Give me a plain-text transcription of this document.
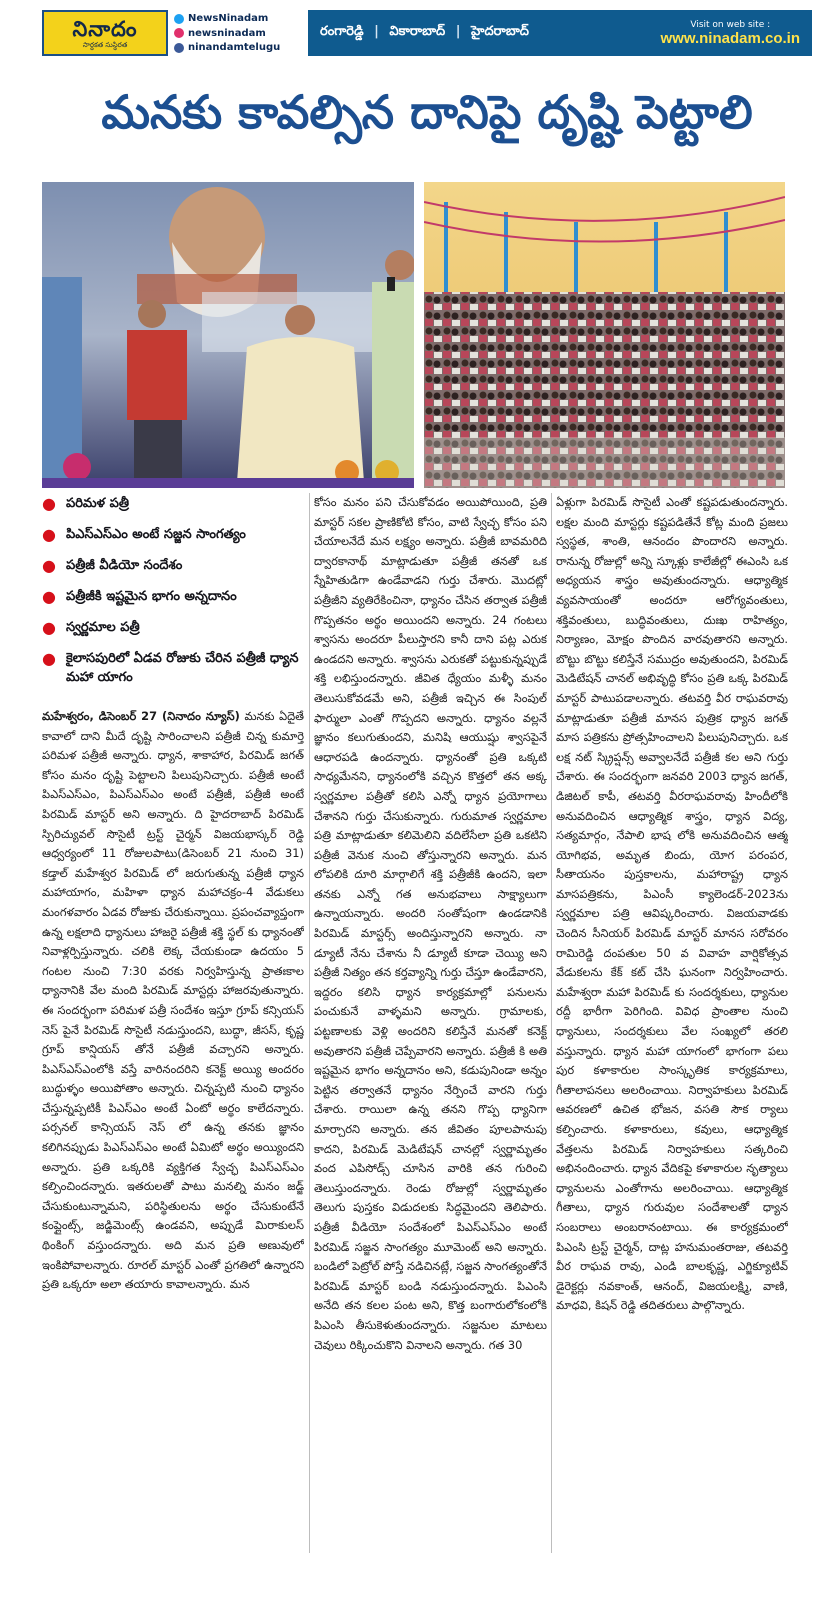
నినాదం
సార్థకత సుస్థిరత
NewsNinadam
newsninadam
ninandamtelugu
రంగారెడ్డి | వికారాబాద్ | హైదరాబాద్	Visit on web site :
www.ninadam.co.in
మనకు కావల్సిన దానిపై దృష్టి పెట్టాలి
● పరిమళ పత్రీ
● పిఎస్ఎస్ఎం అంటే సజ్జన సాంగత్యం
● పత్రీజీ వీడియో సందేశం
● పత్రీజీకి ఇష్టమైన భాగం అన్నదానం
● స్వర్ణమాల పత్రీ
● కైలాసపురిలో ఏడవ రోజుకు చేరిన పత్రీజీ ధ్యాన మహా యాగం
మహేశ్వరం, డిసెంబర్ 27 (నినాదం న్యూస్) మనకు ఏదైతే కావాలో దాని మీదే దృష్టి సారించాలని పత్రీజీ చిన్న కుమార్తె పరిమళ పత్రీజీ అన్నారు. ధ్యాన, శాకాహార, పిరమిడ్ జగత్ కోసం మనం దృష్టి పెట్టాలని పిలుపునిచ్చారు. పత్రీజీ అంటే పిఎస్ఎస్ఎం, పిఎస్ఎస్ఎం అంటే పత్రీజీ, పత్రీజీ అంటే పిరమిడ్ మాస్టర్ అని అన్నారు. ది హైదరాబాద్ పిరమిడ్ స్పిరిచ్యువల్ సొసైటీ ట్రస్ట్ చైర్మన్ విజయభాస్కర్ రెడ్డి ఆధ్వర్యంలో 11 రోజులపాటు(డిసెంబర్ 21 నుంచి 31) కడ్తాల్ మహేశ్వర పిరమిడ్ లో జరుగుతున్న పత్రీజీ ధ్యాన మహాయాగం, మహిళా ధ్యాన మహాచక్రం-4 వేడుకలు మంగళవారం ఏడవ రోజుకు చేరుకున్నాయి. ప్రపంచవ్యాప్తంగా ఉన్న లక్షలాది ధ్యానులు హాజరై పత్రీజీ శక్తి స్థల్ కు ధ్యానంతో నివాళ్లర్పిస్తున్నారు. చలికి లెక్క చేయకుండా ఉదయం 5 గంటల నుంచి 7:30 వరకు నిర్వహిస్తున్న ప్రాతఃకాల ధ్యానానికి వేల మంది పిరమిడ్ మాస్టర్లు హాజరవుతున్నారు. ఈ సందర్భంగా పరిమళ పత్రీ సందేశం ఇస్తూ గ్రూప్ కన్సియస్ నెస్ పైనే పిరమిడ్ సొసైటీ నడుస్తుందని, బుద్ధా, జీసస్, కృష్ణ గ్రూప్ కాన్షియస్ తోనే పత్రీజీ వచ్చారని అన్నారు. పిఎస్ఎస్ఎంలోకి వస్తే వారినందరిని కనెక్ట్ అయ్యి అందరం బుద్ధుళ్ళం అయిపోతాం అన్నారు. చిన్నప్పటి నుంచి ధ్యానం చేస్తున్నప్పటికీ పిఎస్ఎం అంటే ఏంటో అర్థం కాలేదన్నారు. పర్సనల్ కాన్సియస్ నెస్ లో ఉన్న తనకు జ్ఞానం కలిగినప్పుడు పిఎస్ఎస్ఎం అంటే ఏమిటో అర్థం అయ్యిందని అన్నారు. ప్రతి ఒక్కరికి వ్యక్తిగత స్వేచ్ఛ పిఎస్ఎస్ఎం కల్పించిందన్నారు. ఇతరులతో పాటు మనల్ని మనం జడ్జ్ చేసుకుంటున్నామని, పరిస్థితులను అర్థం చేసుకుంటేనే కంప్లైంట్స్, జడ్జిమెంట్స్ ఉండవని, అప్పుడే మిరాకులస్ థింకింగ్ వస్తుందన్నారు. అది మన ప్రతి అణువులో ఇంకిపోవాలన్నారు. రూరల్ మాస్టర్ ఎంతో ప్రగతిలో ఉన్నారని ప్రతి ఒక్కరూ అలా తయారు కావాలన్నారు. మన
కోసం మనం పని చేసుకోవడం అయిపోయింది, ప్రతి మాస్టర్ సకల ప్రాణికోటి కోసం, వాటి స్వేచ్ఛ కోసం పని చేయాలనేదే మన లక్ష్యం అన్నారు. పత్రీజీ బావమరిది ద్వారకానాథ్ మాట్లాడుతూ పత్రీజీ తనతో ఒక స్నేహితుడిగా ఉండేవాడని గుర్తు చేశారు. మొదట్లో పత్రీజీని వ్యతిరేకించినా, ధ్యానం చేసిన తర్వాత పత్రీజీ గొప్పతనం అర్థం అయిందని అన్నారు. 24 గంటలు శ్వాసను అందరూ పీలుస్తారని కానీ దాని పట్ల ఎరుక ఉండదని అన్నారు. శ్వాసను ఎరుకతో పట్టుకున్నప్పుడే శక్తి లభిస్తుందన్నారు. జీవిత ధ్యేయం మళ్ళీ మనం తెలుసుకోవడమే అని, పత్రీజీ ఇచ్చిన ఈ సింపుల్ ఫార్ములా ఎంతో గొప్పదని అన్నారు. ధ్యానం వల్లనే జ్ఞానం కలుగుతుందని, మనిషి ఆయుష్షు శ్వాసపైనే ఆధారపడి ఉందన్నారు. ధ్యానంతో ప్రతి ఒక్కటి సాధ్యమేనని, ధ్యానంలోకి వచ్చిన కొత్తలో తన అక్క స్వర్ణమాల పత్రీతో కలిసి ఎన్నో ధ్యాన ప్రయోగాలు చేశానని గుర్తు చేసుకున్నారు. గురుమాత స్వర్ణమాల పత్రి మాట్లాడుతూ కలిమెలిని వదిలేసేలా ప్రతి ఒకటిని పత్రీజీ వెనుక నుంచి తోస్తున్నారని అన్నారు. మన లోపలికి దూరి మార్గాలిగే శక్తి పత్రీజీకి ఉందని, ఇలా తనకు ఎన్నో గత అనుభవాలు సాక్ష్యాలుగా ఉన్నాయన్నారు. అందరి సంతోషంగా ఉండడానికి పిరమిడ్ మాస్టర్స్ అందిస్తున్నారని అన్నారు. నా డ్యూటీ నేను చేశాను నీ డ్యూటీ కూడా చెయ్యి అని పత్రీజీ నిత్యం తన కర్తవ్యాన్ని గుర్తు చేస్తూ ఉండేవారని, ఇద్దరం కలిసి ధ్యాన కార్యక్రమాల్లో పనులను పంచుకునే వాళ్ళమని అన్నారు. గ్రామాలకు, పట్టణాలకు వెళ్లి అందరిని కలిస్తేనే మనతో కనెక్ట్ అవుతారని పత్రీజీ చెప్పేవారని అన్నారు. పత్రీజీ కి అతి ఇష్టమైన భాగం అన్నదానం అని, కడుపునిండా అన్నం పెట్టిన తర్వాతనే ధ్యానం నేర్పించే వారని గుర్తు చేశారు. రాయిలా ఉన్న తనని గొప్ప ధ్యానిగా మార్చారని అన్నారు. తన జీవితం పూలపానుపు కాదని, పిరమిడ్ మెడిటేషన్ చానల్లో స్వర్ణామృతం వంద ఎపిసోడ్స్ చూసిన వారికి తన గురించి తెలుస్తుందన్నారు. రెండు రోజుల్లో స్వర్ణామృతం తెలుగు పుస్తకం విడుదలకు సిద్ధమైందని తెలిపారు. పత్రీజీ వీడియో సందేశంలో పిఎస్ఎస్ఎం అంటే పిరమిడ్ సజ్జన సాంగత్యం మూమెంట్ అని అన్నారు. బండిలో పెట్రోల్ పోస్తే నడిచినట్లే, సజ్జన సాంగత్యంతోనే పిరమిడ్ మాస్టర్ బండి నడుస్తుందన్నారు. పిఎంసి అనేది తన కలల పంట అని, కొత్త బంగారులోకంలోకి పిఎంసి తీసుకెళుతుందన్నారు. సజ్జనుల మాటలు చెవులు రిక్కించుకొని వినాలని అన్నారు. గత 30
ఏళ్లుగా పిరమిడ్ సొసైటీ ఎంతో కష్టపడుతుందన్నారు. లక్షల మంది మాస్టర్లు కష్టపడితేనే కోట్ల మంది ప్రజలు స్వస్థత, శాంతి, ఆనందం పొందారని అన్నారు. రానున్న రోజుల్లో అన్ని స్కూళ్లు కాలేజీల్లో ఈఎంసి ఒక అధ్యయన శాస్త్రం అవుతుందన్నారు. ఆధ్యాత్మిక వ్యవసాయంతో అందరూ ఆరోగ్యవంతులు, శక్తివంతులు, బుద్ధివంతులు, దుఃఖ రాహిత్యం, నిర్యాణం, మోక్షం పొందిన వారవుతారని అన్నారు. బొట్టు బొట్టు కలిస్తేనే సముద్రం అవుతుందని, పిరమిడ్ మెడిటేషన్ చానల్ అభివృద్ధి కోసం ప్రతి ఒక్క పిరమిడ్ మాస్టర్ పాటుపడాలన్నారు. తటవర్తి వీర రాఘవరావు మాట్లాడుతూ పత్రీజీ మానస పుత్రిక ధ్యాన జగత్ మాస పత్రికను ప్రోత్సహించాలని పిలుపునిచ్చారు. ఒక లక్ష నట్ స్క్రిప్షన్స్ అవ్వాలనేదే పత్రీజీ కల అని గుర్తు చేశారు. ఈ సందర్భంగా జనవరి 2003 ధ్యాన జగత్, డిజిటల్ కాపీ, తటవర్తి వీరరాఘవరావు హిందీలోకి అనువదించిన ఆధ్యాత్మిక శాస్త్రం, ధ్యాన విద్య, సత్యమార్గం, నేపాలి భాష లోకి అనువదించిన ఆత్మ యోగిభవ, అమృత బిందు, యోగ పరంపర, సీతాయనం పుస్తకాలను, మహారాష్ట్ర ధ్యాన మాసపత్రికను, పిఎంసీ క్యాలెండర్-2023ను స్వర్ణమాల పత్రి ఆవిష్కరించారు. విజయవాడకు చెందిన సీనియర్ పిరమిడ్ మాస్టర్ మానస సరోవరం రామిరెడ్డి దంపతుల 50 వ వివాహ వార్షికోత్సవ వేడుకలను కేక్ కట్ చేసి ఘనంగా నిర్వహించారు. మహేశ్వరా మహా పిరమిడ్ కు సందర్శకులు, ధ్యానుల రద్దీ భారీగా పెరిగింది. వివిధ ప్రాంతాల నుంచి ధ్యానులు, సందర్శకులు వేల సంఖ్యలో తరలి వస్తున్నారు. ధ్యాన మహా యాగంలో భాగంగా పలు పుర కళాకారుల సాంస్కృతిక కార్యక్రమాలు, గీతాలాపనలు అలరించాయి. నిర్వాహకులు పిరమిడ్ ఆవరణలో ఉచిత భోజన, వసతి సౌక ర్యాలు కల్పించారు. కళాకారులు, కవులు, ఆధ్యాత్మిక వేత్తలను పిరమిడ్ నిర్వాహకులు సత్కరించి అభినందించారు. ధ్యాన వేదికపై కళాకారుల నృత్యాలు ధ్యానులను ఎంతోగాను అలరించాయి. ఆధ్యాత్మిక గీతాలు, ధ్యాన గురువుల సందేశాలతో ధ్యాన సంబరాలు అంబరానంటాయి. ఈ కార్యక్రమంలో పిఎంసి ట్రస్ట్ చైర్మన్, దాట్ల హనుమంతరాజు, తటవర్తి వీర రాఘవ రావు, ఎండి బాలకృష్ణ, ఎగ్జిక్యూటివ్ డైరెక్టర్లు నవకాంత్, ఆనంద్, విజయలక్ష్మి, వాణి, మాధవి, కిషన్ రెడ్డి తదితరులు పాల్గొన్నారు.
